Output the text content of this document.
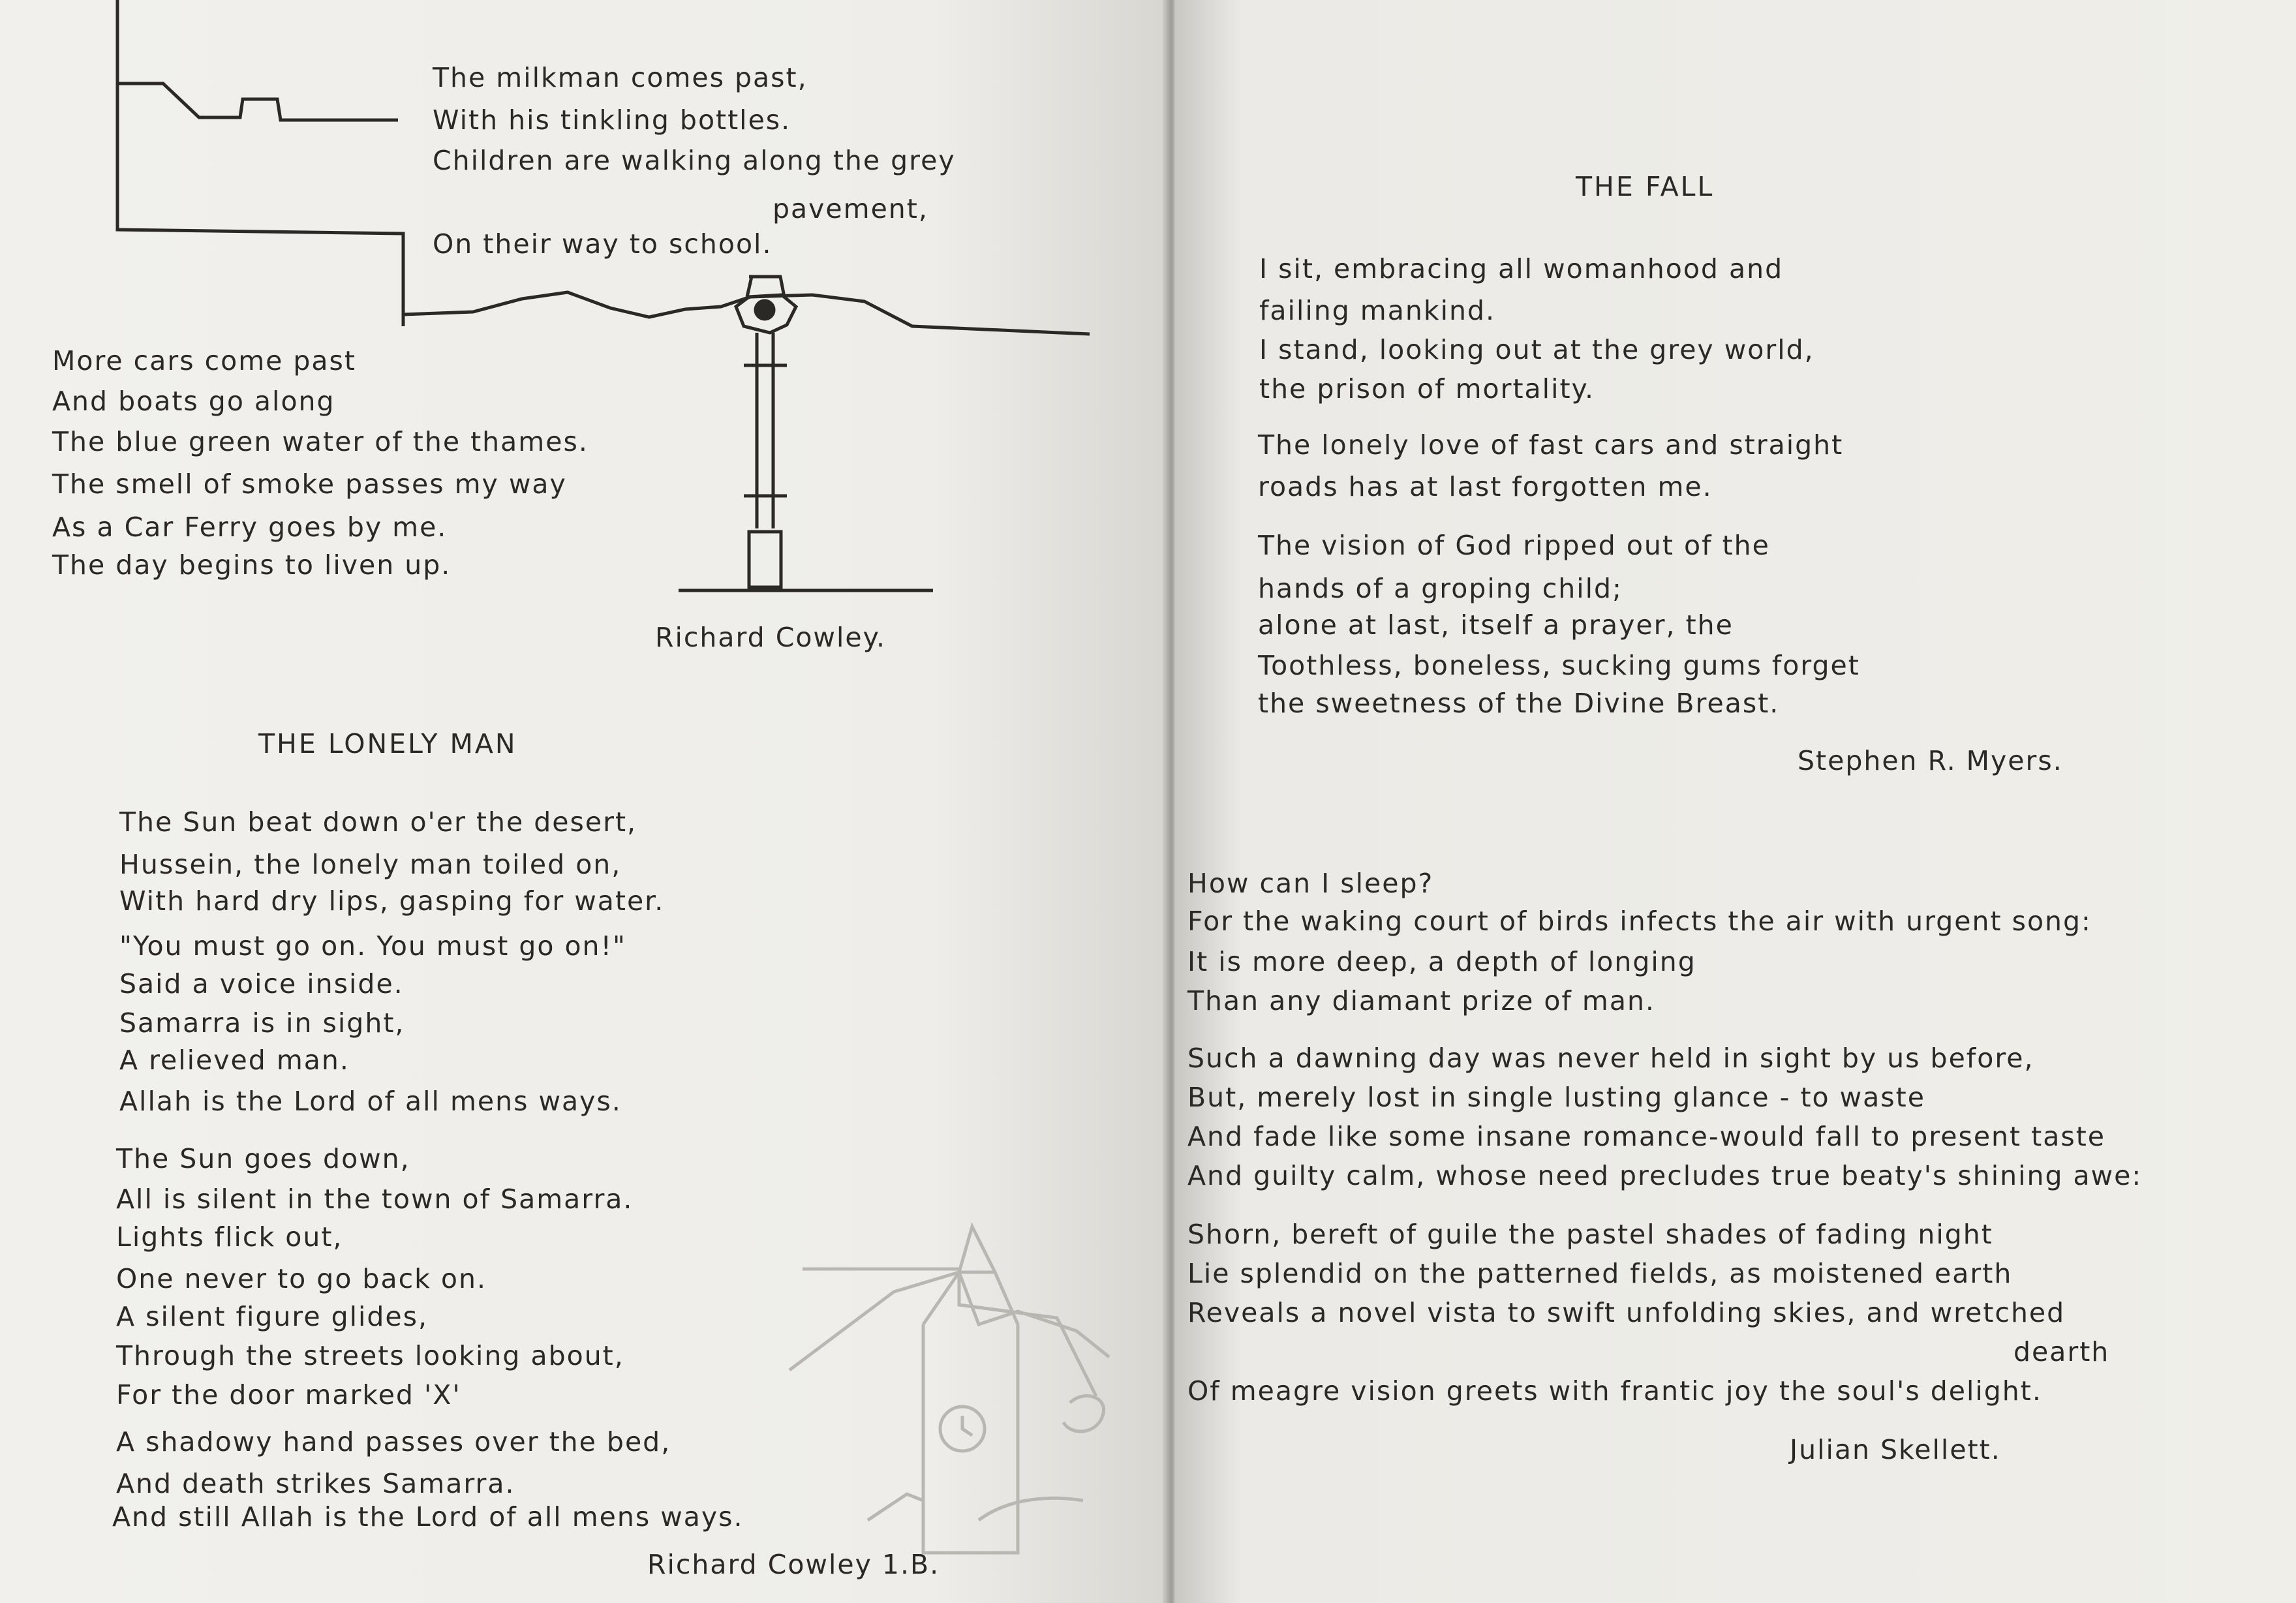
The milkman comes past,
With his tinkling bottles.
Children are walking along the grey
pavement,
On their way to school.
More cars come past
And boats go along
The blue green water of the thames.
The smell of smoke passes my way
As a Car Ferry goes by me.
The day begins to liven up.
Richard Cowley.
THE LONELY MAN
The Sun beat down o'er the desert,
Hussein, the lonely man toiled on,
With hard dry lips, gasping for water.
"You must go on. You must go on!"
Said a voice inside.
Samarra is in sight,
A relieved man.
Allah is the Lord of all mens ways.
The Sun goes down,
All is silent in the town of Samarra.
Lights flick out,
One never to go back on.
A silent figure glides,
Through the streets looking about,
For the door marked 'X'
A shadowy hand passes over the bed,
And death strikes Samarra.
And still Allah is the Lord of all mens ways.
Richard Cowley 1.B.
THE FALL
I sit, embracing all womanhood and
failing mankind.
I stand, looking out at the grey world,
the prison of mortality.
The lonely love of fast cars and straight
roads has at last forgotten me.
The vision of God ripped out of the
hands of a groping child;
alone at last, itself a prayer, the
Toothless, boneless, sucking gums forget
the sweetness of the Divine Breast.
Stephen R. Myers.
How can I sleep?
For the waking court of birds infects the air with urgent song:
It is more deep, a depth of longing
Than any diamant prize of man.
Such a dawning day was never held in sight by us before,
But, merely lost in single lusting glance - to waste
And fade like some insane romance-would fall to present taste
And guilty calm, whose need precludes true beaty's shining awe:
Shorn, bereft of guile the pastel shades of fading night
Lie splendid on the patterned fields, as moistened earth
Reveals a novel vista to swift unfolding skies, and wretched
dearth
Of meagre vision greets with frantic joy the soul's delight.
Julian Skellett.
